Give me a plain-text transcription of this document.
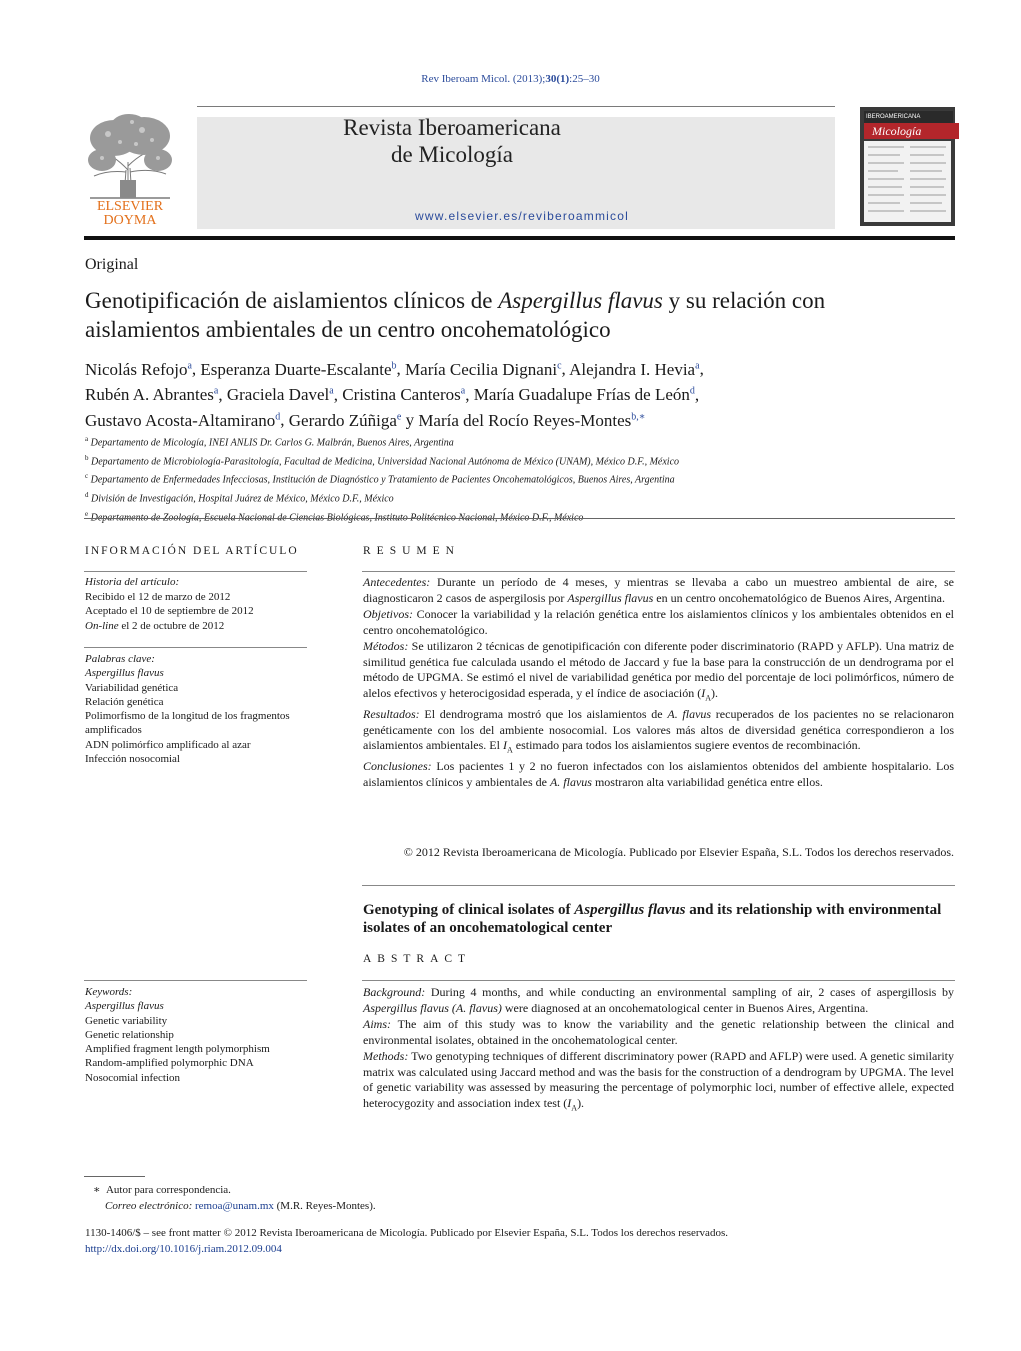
Rev Iberoam Micol. (2013);30(1):25–30
ELSEVIER
DOYMA
Revista Iberoamericana
de Micología
www.elsevier.es/reviberoammicol
IBEROAMERICANA
Micología
Original
Genotipificación de aislamientos clínicos de Aspergillus flavus y su relación con aislamientos ambientales de un centro oncohematológico
Nicolás Refojo$^a$, Esperanza Duarte-Escalante$^b$, María Cecilia Dignani$^c$, Alejandra I. Hevia$^a$,
Rubén A. Abrantes$^a$, Graciela Davel$^a$, Cristina Canteros$^a$, María Guadalupe Frías de León$^d$,
Gustavo Acosta-Altamirano$^d$, Gerardo Zúñiga$^e$ y María del Rocío Reyes-Montes$^{b,∗}$
$^a$ Departamento de Micología, INEI ANLIS Dr. Carlos G. Malbrán, Buenos Aires, Argentina
$^b$ Departamento de Microbiología-Parasitología, Facultad de Medicina, Universidad Nacional Autónoma de México (UNAM), México D.F., México
$^c$ Departamento de Enfermedades Infecciosas, Institución de Diagnóstico y Tratamiento de Pacientes Oncohematológicos, Buenos Aires, Argentina
$^d$ División de Investigación, Hospital Juárez de México, México D.F., México
$^e$
INFORMACIÓN DEL ARTÍCULO
Historia del artículo:
Recibido el 12 de marzo de 2012
Aceptado el 10 de septiembre de 2012
On-line el 2 de octubre de 2012
Palabras clave:
Aspergillus flavus
Variabilidad genética
Relación genética
Polimorfismo de la longitud de los fragmentos amplificados
ADN polimórfico amplificado al azar
Infección nosocomial
Keywords:
Aspergillus flavus
Genetic variability
Genetic relationship
Amplified fragment length polymorphism
Random-amplified polymorphic DNA
Nosocomial infection
RESUMEN

Antecedentes: Durante un período de 4 meses, y mientras se llevaba a cabo un muestreo ambiental de aire, se diagnosticaron 2 casos de aspergilosis por Aspergillus flavus en un centro oncohematológico de Buenos Aires, Argentina.

Objetivos: Conocer la variabilidad y la relación genética entre los aislamientos clínicos y los ambientales obtenidos en el centro oncohematológico.

Métodos: Se utilizaron 2 técnicas de genotipificación con diferente poder discriminatorio (RAPD y AFLP). Una matriz de similitud genética fue calculada usando el método de Jaccard y fue la base para la construcción de un dendrograma por el método de UPGMA. Se estimó el nivel de variabilidad genética por medio del porcentaje de loci polimórficos, número de alelos efectivos y heterocigosidad esperada, y el índice de asociación $(I_A)$.

Resultados: El dendrograma mostró que los aislamientos de A. flavus recuperados de los pacientes no se relacionaron genéticamente con los del ambiente nosocomial. Los valores más altos de diversidad genética correspondieron a los aislamientos ambientales. El $I_A$ estimado para todos los aislamientos sugiere eventos de recombinación.

Conclusiones: Los pacientes 1 y 2 no fueron infectados con los aislamientos obtenidos del ambiente hospitalario. Los aislamientos clínicos y ambientales de A. flavus mostraron alta variabilidad genética entre ellos.

© 2012 Revista Iberoamericana de Micología. Publicado por Elsevier España, S.L. Todos los derechos reservados.
Genotyping of clinical isolates of Aspergillus flavus and its relationship with environmental isolates of an oncohematological center
ABSTRACT

Background: During 4 months, and while conducting an environmental sampling of air, 2 cases of aspergillosis by Aspergillus flavus (A. flavus) were diagnosed at an oncohematological center in Buenos Aires, Argentina.

Aims: The aim of this study was to know the variability and the genetic relationship between the clinical and environmental isolates, obtained in the oncohematological center.

Methods: Two genotyping techniques of different discriminatory power (RAPD and AFLP) were used. A genetic similarity matrix was calculated using Jaccard method and was the basis for the construction of a dendrogram by UPGMA. The level of genetic variability was assessed by measuring the percentage of polymorphic loci, number of effective allele, expected heterocygozity and association index test $(I_A)$.

∗ Autor para correspondencia.
Correo electrónico: remoa@unam.mx (M.R. Reyes-Montes).
1130-1406/$ – see front matter © 2012 Revista Iberoamericana de Micología. Publicado por Elsevier España, S.L. Todos los derechos reservados.
http://dx.doi.org/10.1016/j.riam.2012.09.004
